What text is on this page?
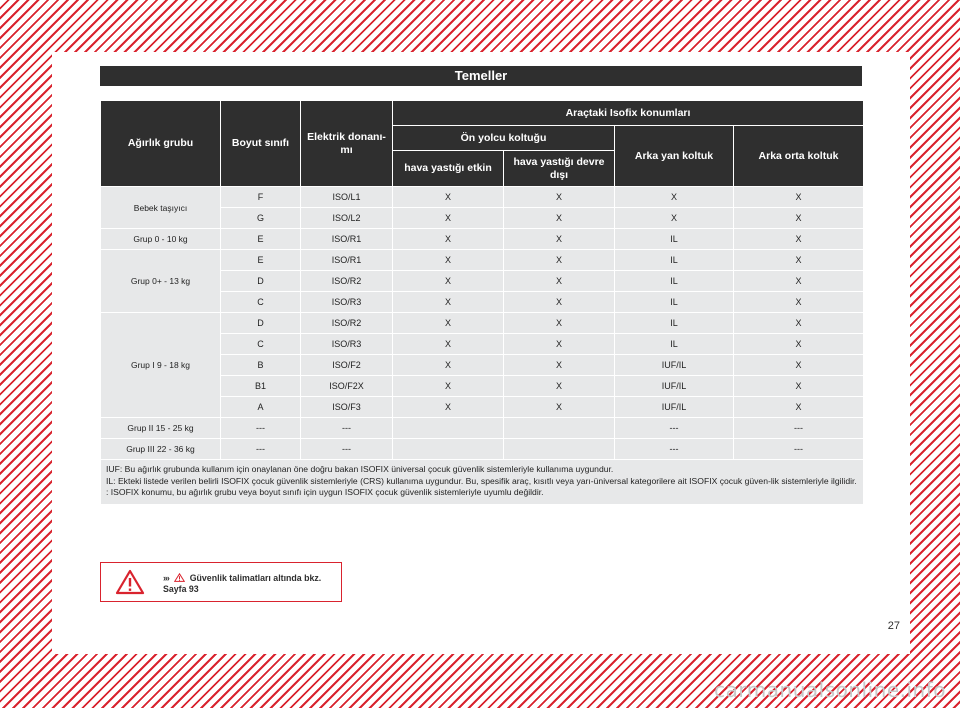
Temeller
Ağırlık grubu	Boyut sınıfı	Elektrik donanı-mı	Araçtaki Isofix konumları			
			Ön yolcu koltuğu		Arka yan koltuk	Arka orta koltuk
			hava yastığı etkin	hava yastığı devre dışı		
Bebek taşıyıcı	F	ISO/L1	X	X	X	X
	G	ISO/L2	X	X	X	X
Grup 0 - 10 kg	E	ISO/R1	X	X	IL	X
Grup 0+ - 13 kg	E	ISO/R1	X	X	IL	X
	D	ISO/R2	X	X	IL	X
	C	ISO/R3	X	X	IL	X
Grup I 9 - 18 kg	D	ISO/R2	X	X	IL	X
	C	ISO/R3	X	X	IL	X
	B	ISO/F2	X	X	IUF/IL	X
	B1	ISO/F2X	X	X	IUF/IL	X
	A	ISO/F3	X	X	IUF/IL	X
Grup II 15 - 25 kg	---	---			---	---
Grup III 22 - 36 kg	---	---			---	---

IUF: Bu ağırlık grubunda kullanım için onaylanan öne doğru bakan ISOFIX üniversal çocuk güvenlik sistemleriyle kullanıma uygundur.
IL: Ekteki listede verilen belirli ISOFIX çocuk güvenlik sistemleriyle (CRS) kullanıma uygundur. Bu, spesifik araç, kısıtlı veya yarı-üniversal kategorilere ait ISOFIX çocuk güven-lik sistemleriyle ilgilidir.
: ISOFIX konumu, bu ağırlık grubu veya boyut sınıfı için uygun ISOFIX çocuk güvenlik sistemleriyle uyumlu değildir.						
››› Güvenlik talimatları altında bkz.
Sayfa 93
27
carmanualsonline.info
